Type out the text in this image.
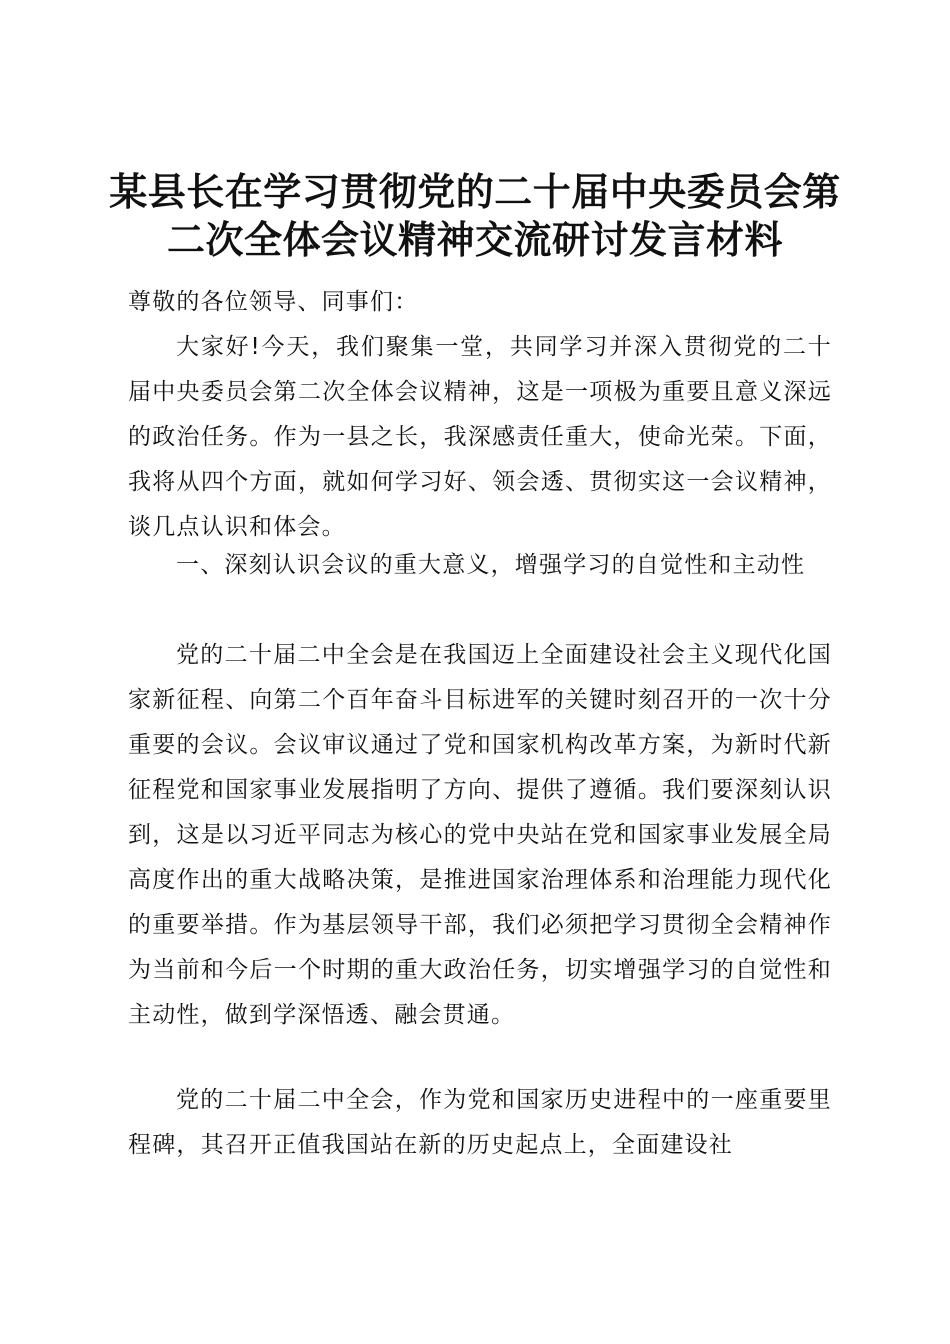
某县长在学习贯彻党的二十届中央委员会第二次全体会议精神交流研讨发言材料
尊敬的各位领导、同事们：
大家好!今天，我们聚集一堂，共同学习并深入贯彻党的二十届中央委员会第二次全体会议精神，这是一项极为重要且意义深远的政治任务。作为一县之长，我深感责任重大，使命光荣。下面，我将从四个方面，就如何学习好、领会透、贯彻实这一会议精神，谈几点认识和体会。
一、深刻认识会议的重大意义，增强学习的自觉性和主动性
党的二十届二中全会是在我国迈上全面建设社会主义现代化国家新征程、向第二个百年奋斗目标进军的关键时刻召开的一次十分重要的会议。会议审议通过了党和国家机构改革方案，为新时代新征程党和国家事业发展指明了方向、提供了遵循。我们要深刻认识到，这是以习近平同志为核心的党中央站在党和国家事业发展全局高度作出的重大战略决策，是推进国家治理体系和治理能力现代化的重要举措。作为基层领导干部，我们必须把学习贯彻全会精神作为当前和今后一个时期的重大政治任务，切实增强学习的自觉性和主动性，做到学深悟透、融会贯通。
党的二十届二中全会，作为党和国家历史进程中的一座重要里程碑，其召开正值我国站在新的历史起点上，全面建设社
